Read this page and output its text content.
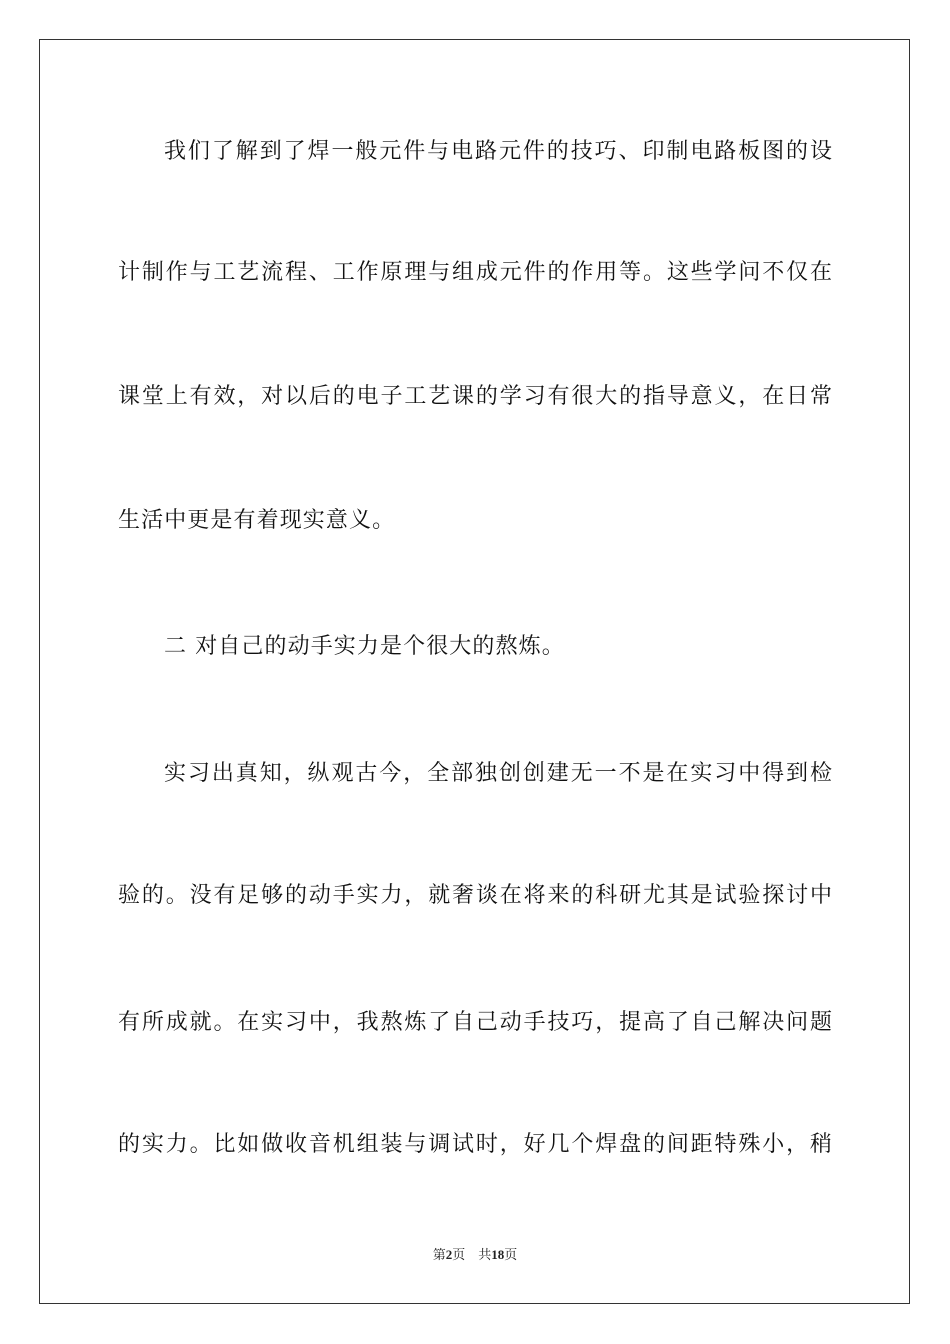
我们了解到了焊一般元件与电路元件的技巧、印制电路板图的设
计制作与工艺流程、工作原理与组成元件的作用等。这些学问不仅在
课堂上有效，对以后的电子工艺课的学习有很大的指导意义，在日常
生活中更是有着现实意义。
二 对自己的动手实力是个很大的熬炼。
实习出真知，纵观古今，全部独创创建无一不是在实习中得到检
验的。没有足够的动手实力，就奢谈在将来的科研尤其是试验探讨中
有所成就。在实习中，我熬炼了自己动手技巧，提高了自己解决问题
的实力。比如做收音机组装与调试时，好几个焊盘的间距特殊小，稍
第2页    共18页
